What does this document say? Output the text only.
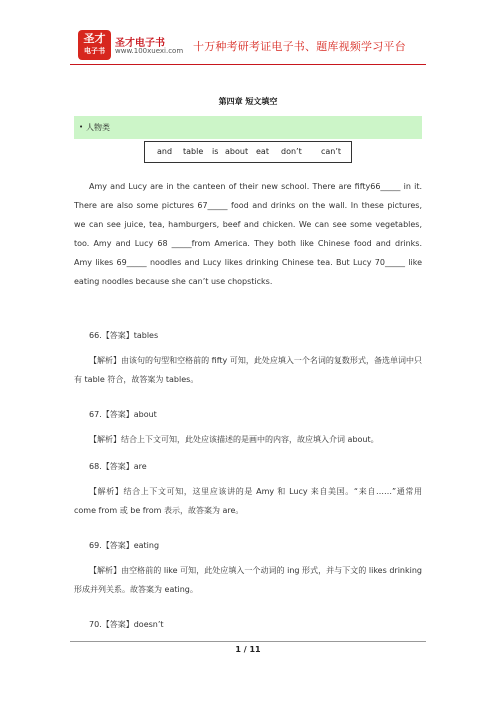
圣才
电子书
圣才电子书
www.100xuexi.com 十万种考研考证电子书、题库视频学习平台
第四章 短文填空
• 人物类
and table is about eat don’t can’t
Amy and Lucy are in the canteen of their new school. There are fifty66_____ in it. There are also some pictures 67_____ food and drinks on the wall. In these pictures, we can see juice, tea, hamburgers, beef and chicken. We can see some vegetables, too. Amy and Lucy 68 _____from America. They both like Chinese food and drinks. Amy likes 69_____ noodles and Lucy likes drinking Chinese tea. But Lucy 70_____ like eating noodles because she can’t use chopsticks.
66.【答案】tables
【解析】由该句的句型和空格前的 fifty 可知，此处应填入一个名词的复数形式，备选单词中只有 table 符合，故答案为 tables。
67.【答案】about
【解析】结合上下文可知，此处应该描述的是画中的内容，故应填入介词 about。
68.【答案】are
【解析】结合上下文可知，这里应该讲的是 Amy 和 Lucy 来自美国。“来自……”通常用 come from 或 be from 表示，故答案为 are。
69.【答案】eating
【解析】由空格前的 like 可知，此处应填入一个动词的 ing 形式，并与下文的 likes drinking 形成并列关系。故答案为 eating。
70.【答案】doesn’t
1 / 11
